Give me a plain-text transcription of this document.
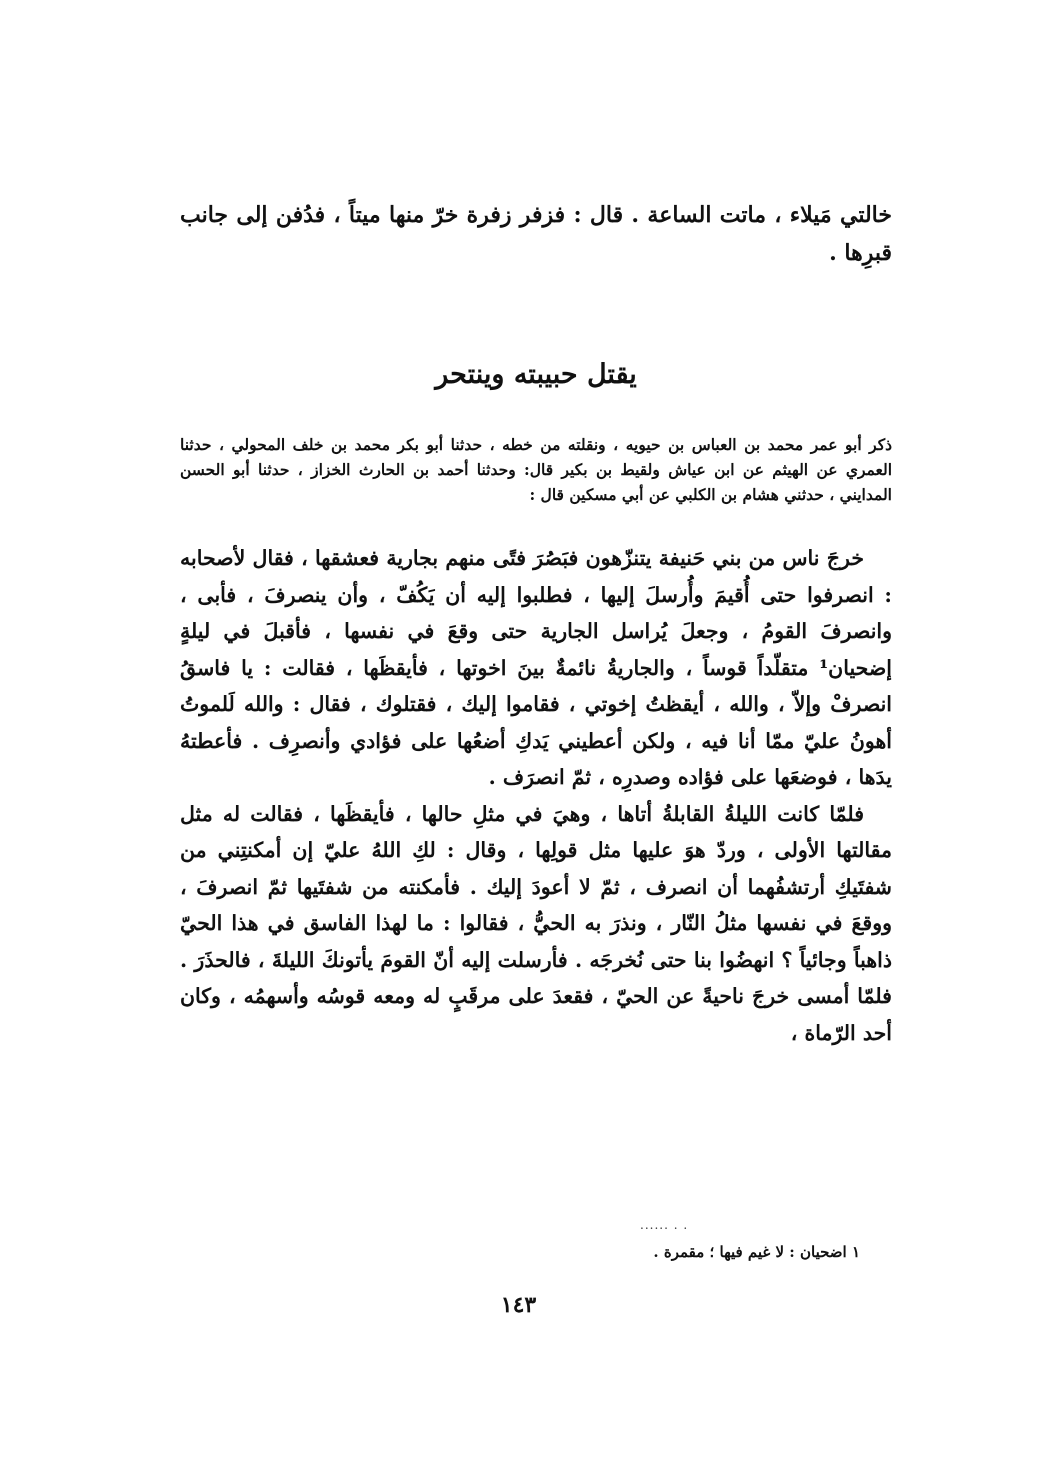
خالتي مَيلاء ، ماتت الساعة . قال : فزفر زفرة خرّ منها ميتاً ، فدُفن إلى جانب قبرِها .
يقتل حبيبته وينتحر
ذكر أبو عمر محمد بن العباس بن حيويه ، ونقلته من خطه ، حدثنا أبو بكر محمد بن خلف المحولي ، حدثنا العمري عن الهيثم عن ابن عياش ولقيط بن بكير قال: وحدثنا أحمد بن الحارث الخزاز ، حدثنا أبو الحسن المدايني ، حدثني هشام بن الكلبي عن أبي مسكين قال :

خرجَ ناس من بني حَنيفة يتنزّهون فبَصُرَ فتًى منهم بجارية فعشقها ، فقال لأصحابه : انصرفوا حتى أُقيمَ وأُرسلَ إليها ، فطلبوا إليه أن يَكُفّ ، وأن ينصرفَ ، فأبى ، وانصرفَ القومُ ، وجعلَ يُراسل الجارية حتى وقعَ في نفسها ، فأقبلَ في ليلةٍ إضحيان¹ متقلّداً قوساً ، والجاريةُ نائمةٌ بينَ اخوتها ، فأيقظَها ، فقالت : يا فاسقُ انصرفْ وإلاّ ، والله ، أيقظتُ إخوتي ، فقاموا إليك ، فقتلوك ، فقال : والله لَلموتُ أهونُ عليّ ممّا أنا فيه ، ولكن أعطيني يَدكِ أضعُها على فؤادي وأنصرِف . فأعطتهُ يدَها ، فوضعَها على فؤاده وصدرِه ، ثمّ انصرَف .

فلمّا كانت الليلةُ القابلةُ أتاها ، وهيَ في مثلِ حالها ، فأيقظَها ، فقالت له مثل مقالتها الأولى ، وردّ هوَ عليها مثل قولِها ، وقال : لكِ اللهُ عليّ إن أمكنتِني من شفتَيكِ أرتشفُهما أن انصرف ، ثمّ لا أعودَ إليك . فأمكنته من شفتَيها ثمّ انصرفَ ، ووقعَ في نفسها مثلُ النّار ، ونذرَ به الحيُّ ، فقالوا : ما لهذا الفاسق في هذا الحيّ ذاهباً وجائياً ؟ انهضُوا بنا حتى نُخرجَه . فأرسلت إليه أنّ القومَ يأتونكَ الليلةَ ، فالحذَرَ . فلمّا أمسى خرجَ ناحيةً عن الحيّ ، فقعدَ على مرقَبٍ له ومعه قوسُه وأسهمُه ، وكان أحد الرّماة ،

...... . .
١ اضحيان : لا غيم فيها ؛ مقمرة .
١٤٣
